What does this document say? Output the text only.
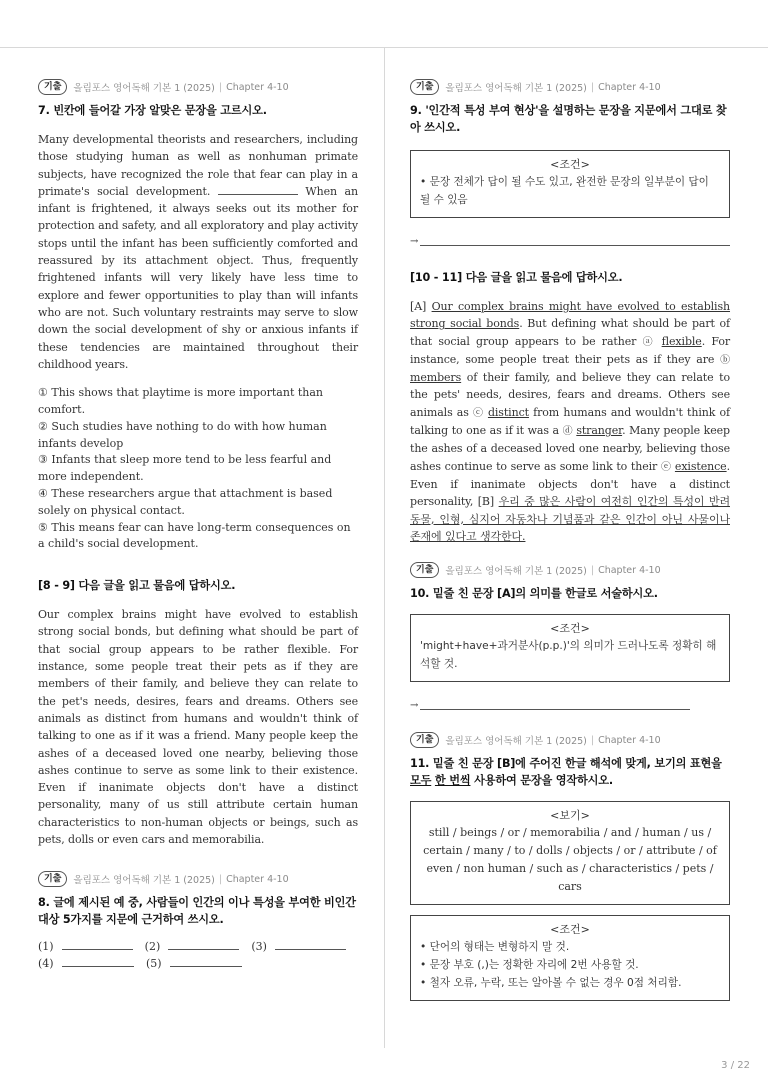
기출	올림포스 영어독해 기본 1 (2025) | Chapter 4-10
7. 빈칸에 들어갈 가장 알맞은 문장을 고르시오.
Many developmental theorists and researchers, including those studying human as well as nonhuman primate subjects, have recognized the role that fear can play in a primate's social development.	When an infant is frightened, it always seeks out its mother for protection and safety, and all exploratory and play activity stops until the infant has been sufficiently comforted and reassured by its attachment object. Thus, frequently frightened infants will very likely have less time to explore and fewer opportunities to play than will infants who are not. Such voluntary restraints may serve to slow down the social development of shy or anxious infants if these tendencies are maintained throughout their childhood years.
① This shows that playtime is more important than comfort.
② Such studies have nothing to do with how human infants develop
③ Infants that sleep more tend to be less fearful and more independent.
④ These researchers argue that attachment is based solely on physical contact.
⑤ This means fear can have long-term consequences on a child's social development.
[8 - 9] 다음 글을 읽고 물음에 답하시오.
Our complex brains might have evolved to establish strong social bonds, but defining what should be part of that social group appears to be rather flexible. For instance, some people treat their pets as if they are members of their family, and believe they can relate to the pet's needs, desires, fears and dreams. Others see animals as distinct from humans and wouldn't think of talking to one as if it was a friend. Many people keep the ashes of a deceased loved one nearby, believing those ashes continue to serve as some link to their existence. Even if inanimate objects don't have a distinct personality, many of us still attribute certain human characteristics to non-human objects or beings, such as pets, dolls or even cars and memorabilia.
기출	올림포스 영어독해 기본 1 (2025) | Chapter 4-10
8. 글에 제시된 예 중, 사람들이 인간의 이나 특성을 부여한 비인간 대상 5가지를 지문에 근거하여 쓰시오.
(1)	(2)	(3)
(4)	(5)
기출	올림포스 영어독해 기본 1 (2025) | Chapter 4-10
9. '인간적 특성 부여 현상'을 설명하는 문장을 지문에서 그대로 찾아 쓰시오.
<조건>
• 문장 전체가 답이 될 수도 있고, 완전한 문장의 일부분이 답이 될 수 있음
→
[10 - 11] 다음 글을 읽고 물음에 답하시오.
[A] Our complex brains might have evolved to establish strong social bonds. But defining what should be part of that social group appears to be rather ⓐ flexible. For instance, some people treat their pets as if they are ⓑ members of their family, and believe they can relate to the pets' needs, desires, fears and dreams. Others see animals as ⓒ distinct from humans and wouldn't think of talking to one as if it was a ⓓ stranger. Many people keep the ashes of a deceased loved one nearby, believing those ashes continue to serve as some link to their ⓔ existence. Even if inanimate objects don't have a distinct personality, [B] 우리 중 많은 사람이 여전히 인간의 특성이 반려동물, 인형, 심지어 자동차나 기념품과 같은 인간이 아닌 사물이나 존재에 있다고 생각한다.
기출	올림포스 영어독해 기본 1 (2025) | Chapter 4-10
10. 밑줄 친 문장 [A]의 의미를 한글로 서술하시오.
<조건>
'might+have+과거분사(p.p.)'의 의미가 드러나도록 정확히 해석할 것.
→
기출	올림포스 영어독해 기본 1 (2025) | Chapter 4-10
11. 밑줄 친 문장 [B]에 주어진 한글 해석에 맞게, 보기의 표현을 모두 한 번씩 사용하여 문장을 영작하시오.
<보기>
still / beings / or / memorabilia / and / human / us / certain / many / to / dolls / objects / or / attribute / of even / non human / such as / characteristics / pets / cars
<조건>
• 단어의 형태는 변형하지 말 것.
• 문장 부호 (,)는 정확한 자리에 2번 사용할 것.
• 철자 오류, 누락, 또는 알아볼 수 없는 경우 0점 처리함.
3 / 22
